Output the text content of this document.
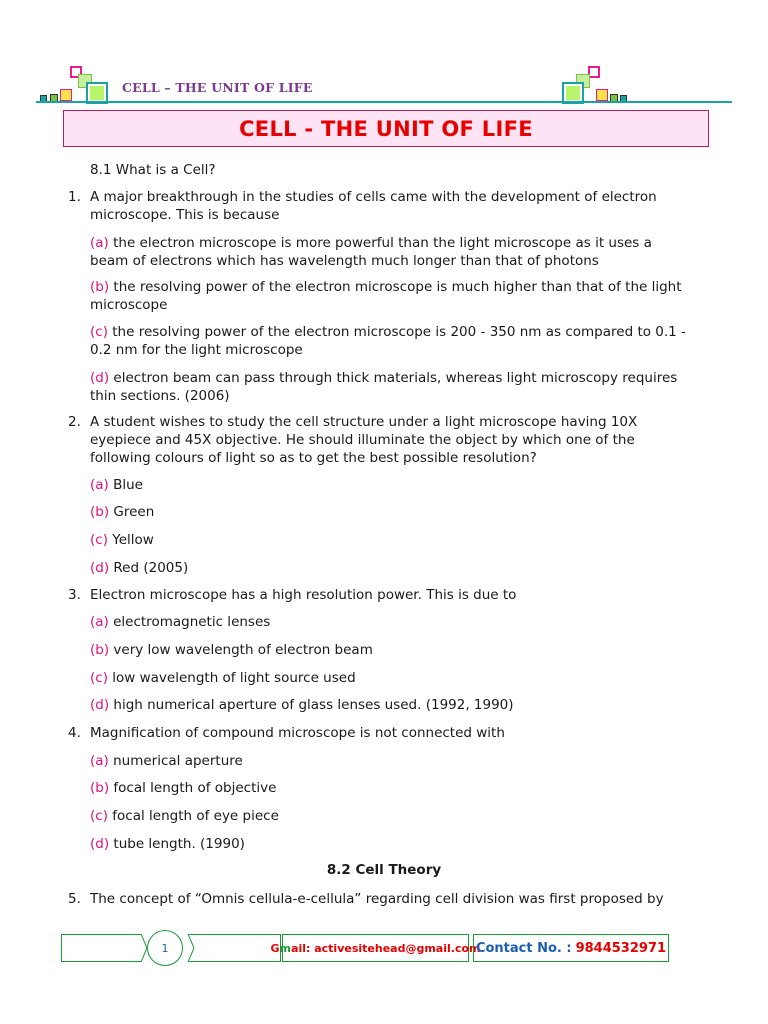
CELL – THE UNIT OF LIFE
CELL - THE UNIT OF LIFE
8.1 What is a Cell?
1. A major breakthrough in the studies of cells came with the development of electron microscope. This is because
(a) the electron microscope is more powerful than the light microscope as it uses a beam of electrons which has wavelength much longer than that of photons
(b) the resolving power of the electron microscope is much higher than that of the light microscope
(c) the resolving power of the electron microscope is 200 - 350 nm as compared to 0.1 - 0.2 nm for the light microscope
(d) electron beam can pass through thick materials, whereas light microscopy requires thin sections. (2006)
2. A student wishes to study the cell structure under a light microscope having 10X eyepiece and 45X objective. He should illuminate the object by which one of the following colours of light so as to get the best possible resolution?
(a) Blue
(b) Green
(c) Yellow
(d) Red (2005)
3. Electron microscope has a high resolution power. This is due to
(a) electromagnetic lenses
(b) very low wavelength of electron beam
(c) low wavelength of light source used
(d) high numerical aperture of glass lenses used. (1992, 1990)
4. Magnification of compound microscope is not connected with
(a) numerical aperture
(b) focal length of objective
(c) focal length of eye piece
(d) tube length. (1990)
8.2 Cell Theory
5. The concept of “Omnis cellula-e-cellula” regarding cell division was first proposed by
1	G m ail:
activesitehead@gmail.com
Contact No. : 9844532971
